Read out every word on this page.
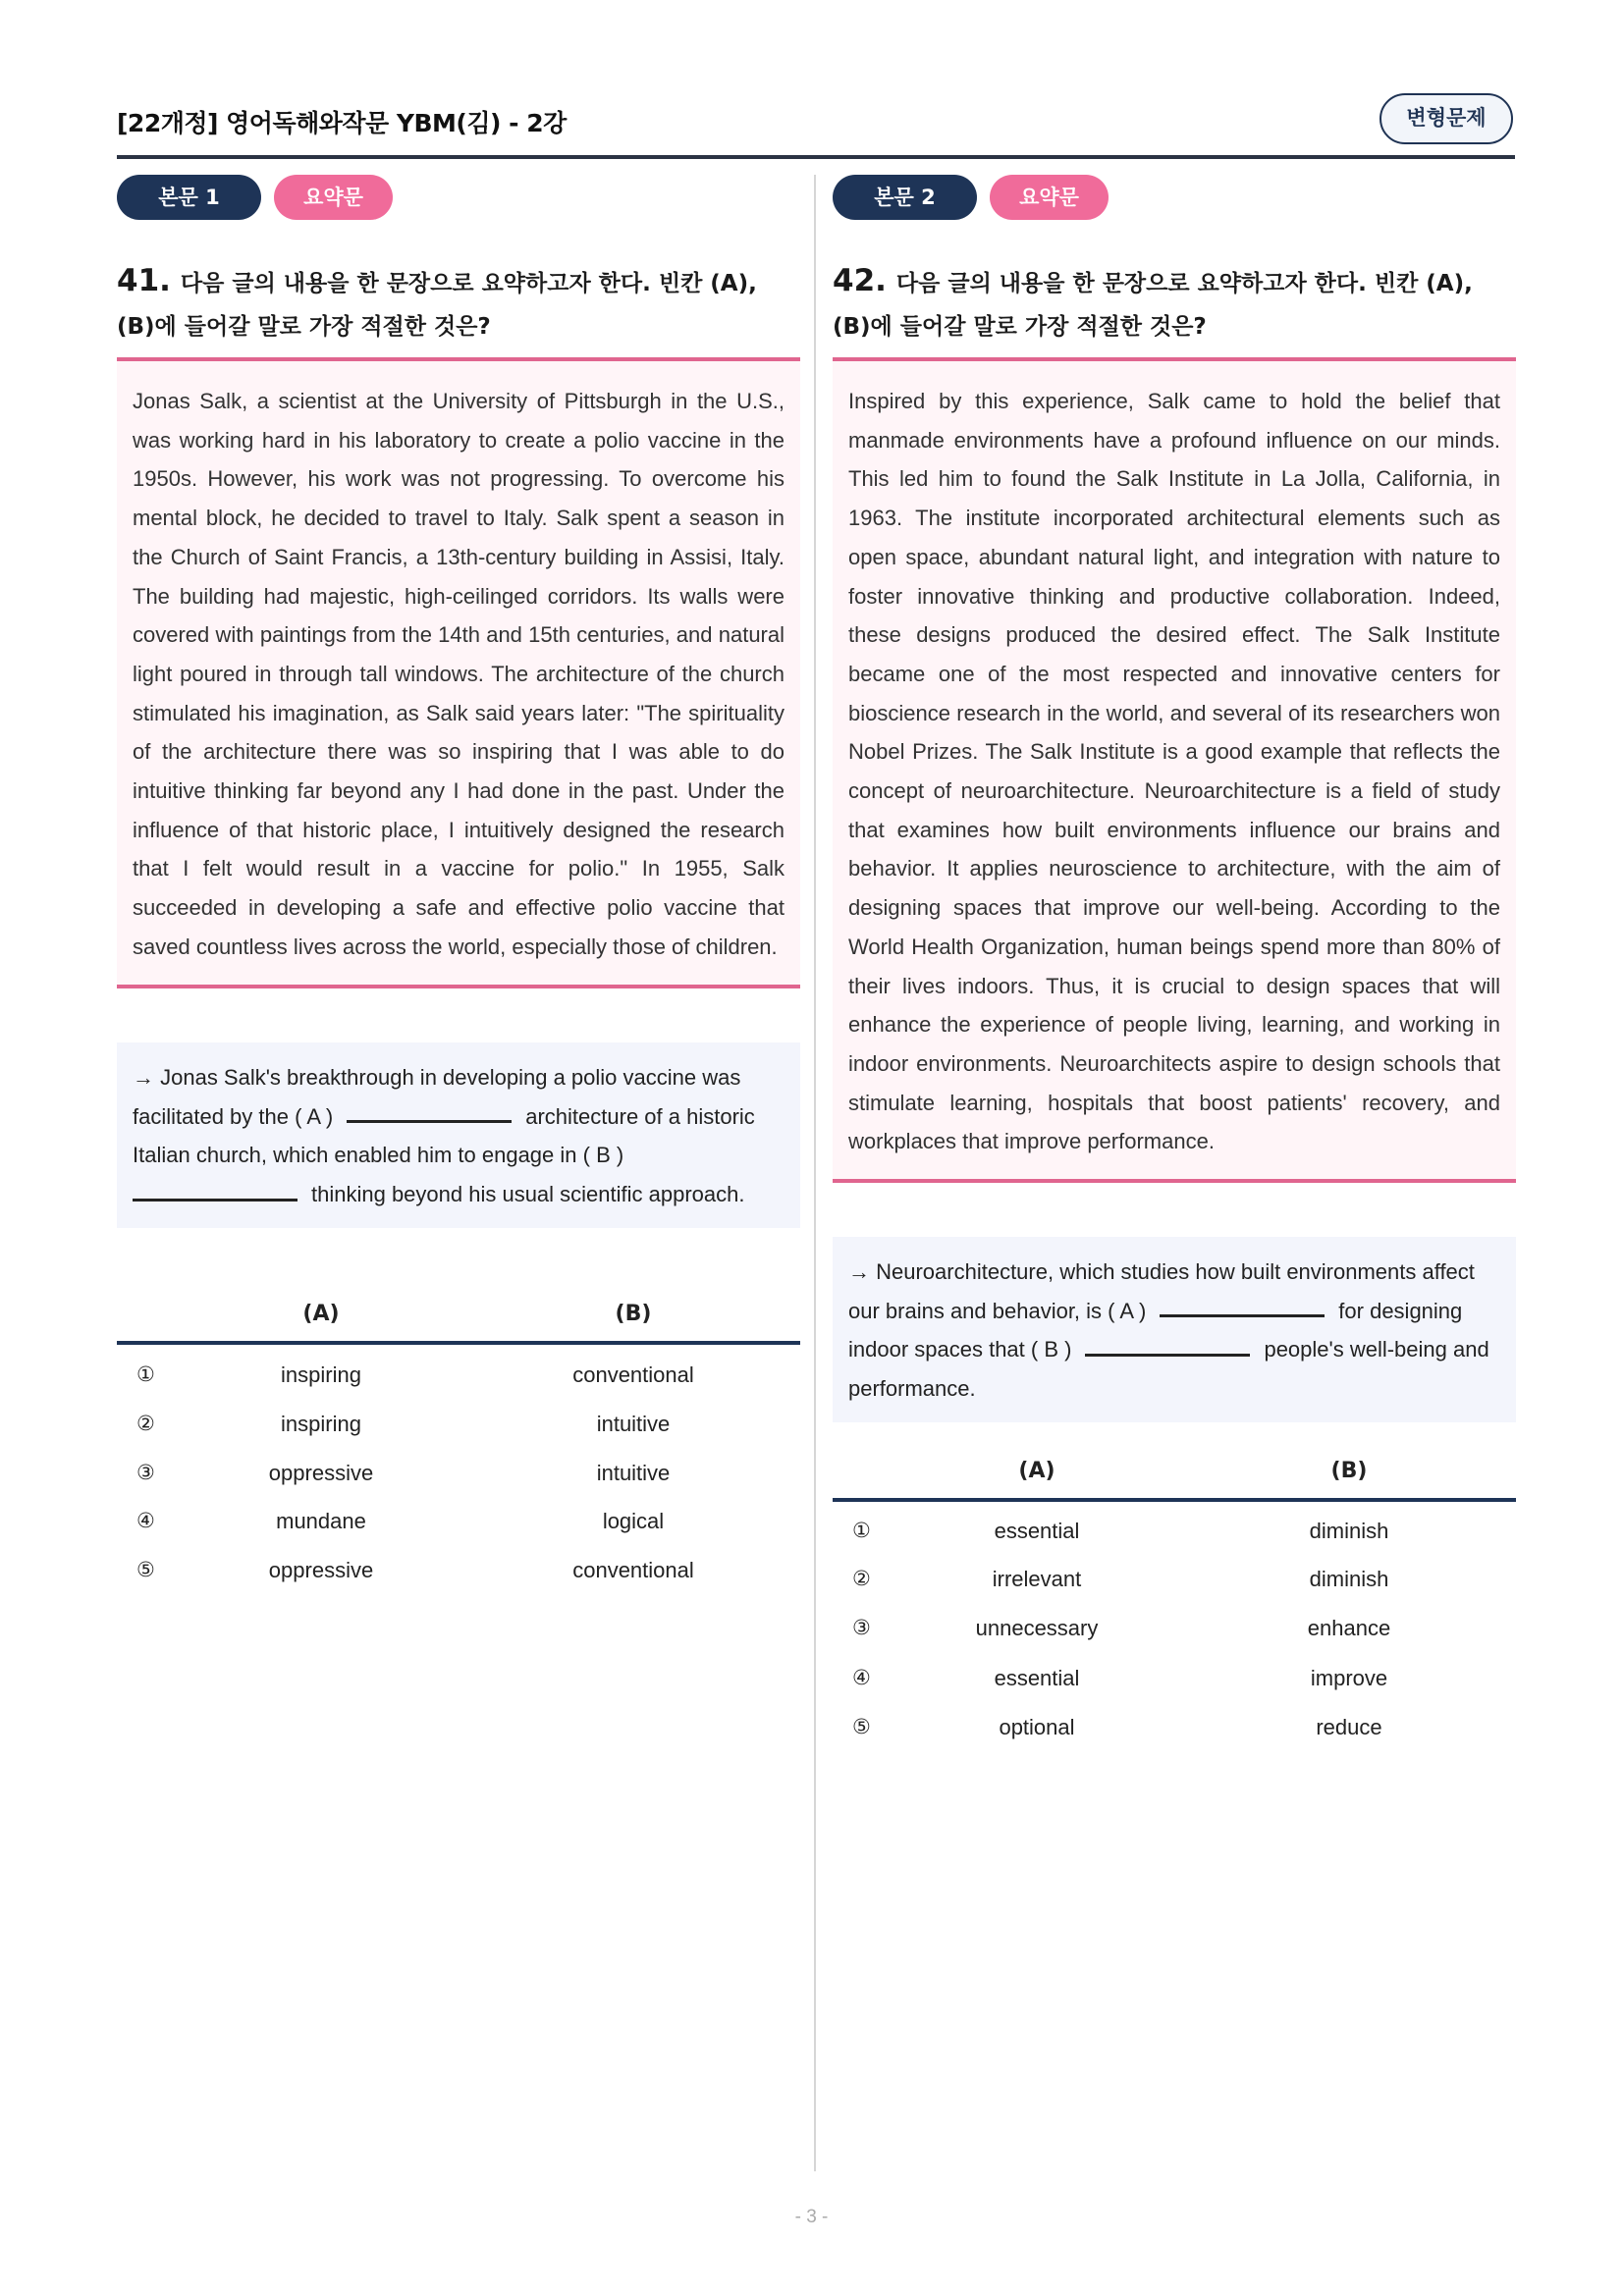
[22개정] 영어독해와작문 YBM(김) - 2강	변형문제
본문 1	요약문
41. 다음 글의 내용을 한 문장으로 요약하고자 한다. 빈칸 (A), (B)에 들어갈 말로 가장 적절한 것은?
Jonas Salk, a scientist at the University of Pittsburgh in the U.S., was working hard in his laboratory to create a polio vaccine in the 1950s. However, his work was not progressing. To overcome his mental block, he decided to travel to Italy. Salk spent a season in the Church of Saint Francis, a 13th-century building in Assisi, Italy. The building had majestic, high-ceilinged corridors. Its walls were covered with paintings from the 14th and 15th centuries, and natural light poured in through tall windows. The architecture of the church stimulated his imagination, as Salk said years later: "The spirituality of the architecture there was so inspiring that I was able to do intuitive thinking far beyond any I had done in the past. Under the influence of that historic place, I intuitively designed the research that I felt would result in a vaccine for polio." In 1955, Salk succeeded in developing a safe and effective polio vaccine that saved countless lives across the world, especially those of children.
→ Jonas Salk's breakthrough in developing a polio vaccine was facilitated by the ( A )	architecture of a historic Italian church, which enabled him to engage in ( B )thinking beyond his usual scientific approach.
(A)	(B)
①	inspiring	conventional
②	inspiring	intuitive
③	oppressive	intuitive
④	mundane	logical
⑤	oppressive	conventional
본문 2	요약문
42. 다음 글의 내용을 한 문장으로 요약하고자 한다. 빈칸 (A), (B)에 들어갈 말로 가장 적절한 것은?
Inspired by this experience, Salk came to hold the belief that manmade environments have a profound influence on our minds. This led him to found the Salk Institute in La Jolla, California, in 1963. The institute incorporated architectural elements such as open space, abundant natural light, and integration with nature to foster innovative thinking and productive collaboration. Indeed, these designs produced the desired effect. The Salk Institute became one of the most respected and innovative centers for bioscience research in the world, and several of its researchers won Nobel Prizes. The Salk Institute is a good example that reflects the concept of neuroarchitecture. Neuroarchitecture is a field of study that examines how built environments influence our brains and behavior. It applies neuroscience to architecture, with the aim of designing spaces that improve our well-being. According to the World Health Organization, human beings spend more than 80% of their lives indoors. Thus, it is crucial to design spaces that will enhance the experience of people living, learning, and working in indoor environments. Neuroarchitects aspire to design schools that stimulate learning, hospitals that boost patients' recovery, and workplaces that improve performance.
→ Neuroarchitecture, which studies how built environments affect our brains and behavior, is ( A )	for designing indoor spaces that ( B )	people's well-being and performance.
(A)	(B)
①	essential	diminish
②	irrelevant	diminish
③	unnecessary	enhance
④	essential	improve
⑤	optional	reduce
- 3 -
